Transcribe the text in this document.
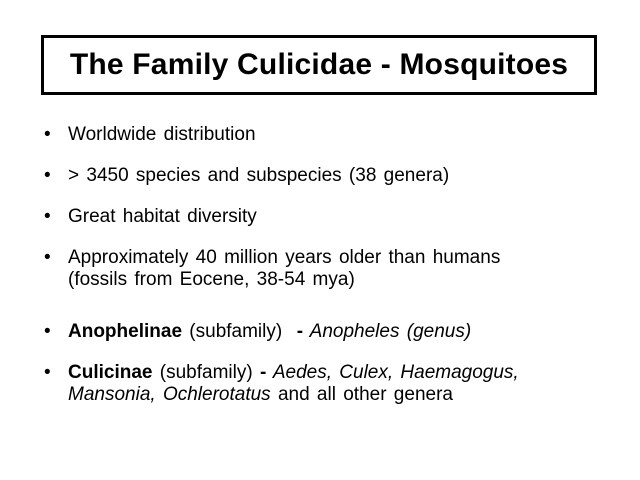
The Family Culicidae - Mosquitoes
• Worldwide distribution
• > 3450 species and subspecies (38 genera)
• Great habitat diversity
• Approximately 40 million years older than humans
(fossils from Eocene, 38-54 mya)
• Anophelinae (subfamily)  - Anopheles (genus)
• Culicinae (subfamily) - Aedes, Culex, Haemagogus,
Mansonia, Ochlerotatus and all other genera
